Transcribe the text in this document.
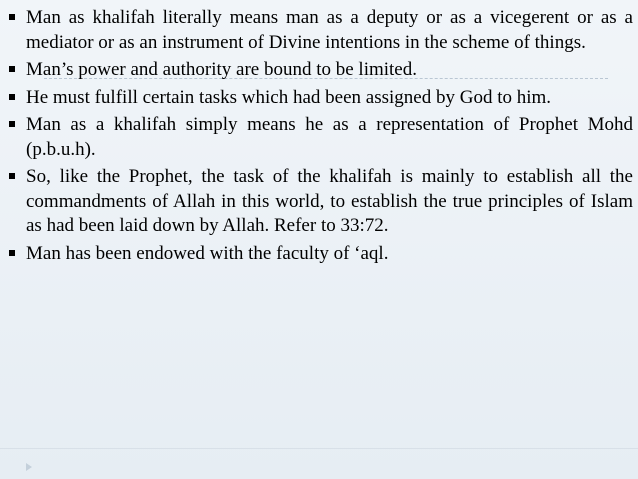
Man as khalifah literally means man as a deputy or as a vicegerent or as a mediator or as an instrument of Divine intentions in the scheme of things.
Man’s power and authority are bound to be limited.
He must fulfill certain tasks which had been assigned by God to him.
Man as a khalifah simply means he as a representation of Prophet Mohd (p.b.u.h).
So, like the Prophet, the task of the khalifah is mainly to establish all the commandments of Allah in this world, to establish the true principles of Islam as had been laid down by Allah. Refer to 33:72.
Man has been endowed with the faculty of ‘aql.
